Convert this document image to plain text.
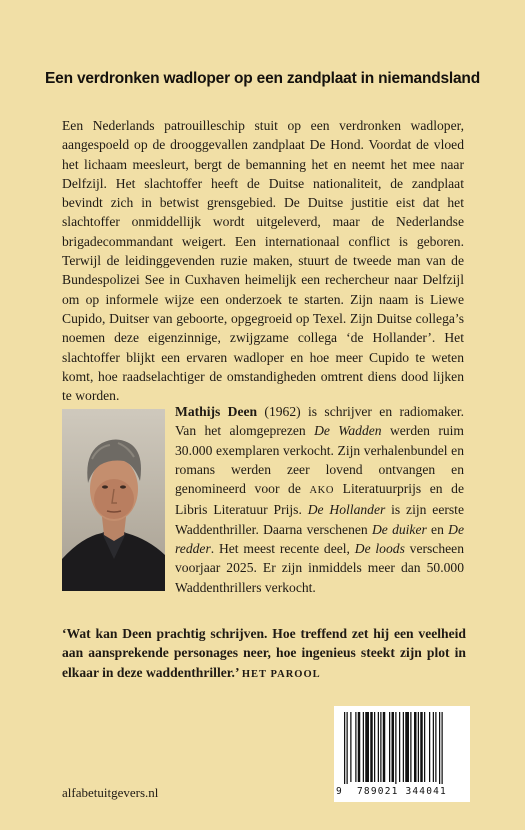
Een verdronken wadloper op een zandplaat in niemandsland

Een Nederlands patrouilleschip stuit op een verdronken wadloper, aangespoeld op de drooggevallen zandplaat De Hond. Voordat de vloed het lichaam meesleurt, bergt de bemanning het en neemt het mee naar Delfzijl. Het slachtoffer heeft de Duitse nationaliteit, de zandplaat bevindt zich in betwist grensgebied. De Duitse justitie eist dat het slachtoffer onmiddellijk wordt uitgeleverd, maar de Nederlandse brigadecommandant weigert. Een internationaal conflict is geboren. Terwijl de leidinggevenden ruzie maken, stuurt de tweede man van de Bundespolizei See in Cuxhaven heimelijk een rechercheur naar Delfzijl om op informele wijze een onderzoek te starten. Zijn naam is Liewe Cupido, Duitser van geboorte, opgegroeid op Texel. Zijn Duitse collega’s noemen deze eigenzinnige, zwijgzame collega ‘de Hollander’. Het slachtoffer blijkt een ervaren wadloper en hoe meer Cupido te weten komt, hoe raadselachtiger de omstandigheden omtrent diens dood lijken te worden.

Mathijs Deen (1962) is schrijver en radiomaker. Van het alomgeprezen De Wadden werden ruim 30.000 exemplaren verkocht. Zijn verhalenbundel en romans werden zeer lovend ontvangen en genomineerd voor de AKO Literatuurprijs en de Libris Literatuur Prijs. De Hollander is zijn eerste Waddenthriller. Daarna verschenen De duiker en De redder. Het meest recente deel, De loods verscheen voorjaar 2025. Er zijn inmiddels meer dan 50.000 Waddenthrillers verkocht.

‘Wat kan Deen prachtig schrijven. Hoe treffend zet hij een veelheid aan aansprekende personages neer, hoe ingenieus steekt zijn plot in elkaar in deze waddenthriller.’ HET PAROOL

alfabetuitgevers.nl	9	789021 344041
